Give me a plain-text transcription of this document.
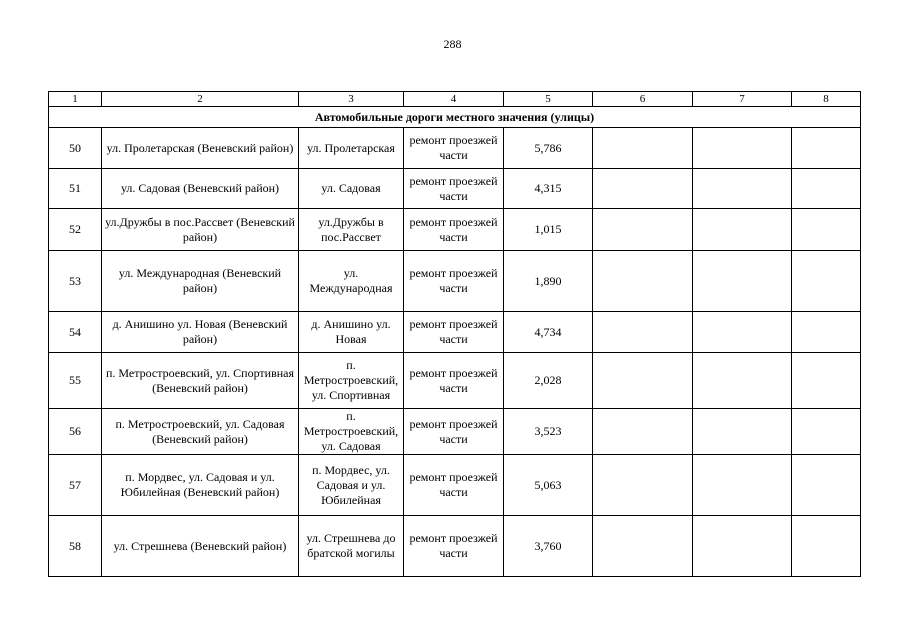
288
1	2	3	4	5	6	7	8
Автомобильные дороги местного значения (улицы)							
50	ул. Пролетарская (Веневский район)	ул. Пролетарская	ремонт проезжей части	5,786			
51	ул. Садовая (Веневский район)	ул. Садовая	ремонт проезжей части	4,315			
52	ул.Дружбы в пос.Рассвет (Веневский район)	ул.Дружбы в пос.Рассвет	ремонт проезжей части	1,015			
53	ул. Международная (Веневский район)	ул. Международная	ремонт проезжей части	1,890			
54	д. Анишино ул. Новая (Веневский район)	д. Анишино ул. Новая	ремонт проезжей части	4,734			
55	п. Метростроевский, ул. Спортивная (Веневский район)	п. Метростроевский, ул. Спортивная	ремонт проезжей части	2,028			
56	п. Метростроевский, ул. Садовая (Веневский район)	п. Метростроевский, ул. Садовая	ремонт проезжей части	3,523			
57	п. Мордвес, ул. Садовая и ул. Юбилейная (Веневский район)	п. Мордвес, ул. Садовая и ул. Юбилейная	ремонт проезжей части	5,063			
58	ул. Стрешнева (Веневский район)	ул. Стрешнева до братской могилы	ремонт проезжей части	3,760			
